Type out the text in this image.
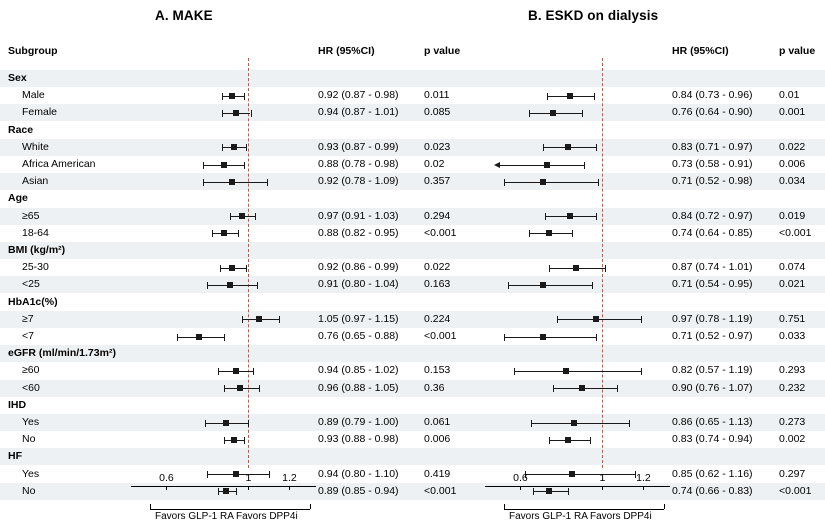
A. MAKE	B. ESKD on dialysis
Subgroup	HR (95%CI)	p value	HR (95%CI)	p value
Sex
Male	0.92 (0.87 - 0.98) 0.011	0.84 (0.73 - 0.96)	0.01
Female	0.94 (0.87 - 1.01) 0.085	0.76 (0.64 - 0.90)	0.001
Race
White	0.93 (0.87 - 0.99) 0.023	0.83 (0.71 - 0.97)	0.022
Africa American	0.88 (0.78 - 0.98) 0.02	0.73 (0.58 - 0.91)	0.006
Asian	0.92 (0.78 - 1.09) 0.357	0.71 (0.52 - 0.98)	0.034
Age
≥65	0.97 (0.91 - 1.03) 0.294	0.84 (0.72 - 0.97)	0.019
18-64	0.88 (0.82 - 0.95) <0.001	0.74 (0.64 - 0.85)	<0.001
BMI (kg/m²)
25-30	0.92 (0.86 - 0.99) 0.022	0.87 (0.74 - 1.01)	0.074
<25	0.91 (0.80 - 1.04) 0.163	0.71 (0.54 - 0.95)	0.021
HbA1c(%)
≥7	1.05 (0.97 - 1.15) 0.224	0.97 (0.78 - 1.19)	0.751
<7	0.76 (0.65 - 0.88) <0.001	0.71 (0.52 - 0.97)	0.033
eGFR (ml/min/1.73m²)
≥60	0.94 (0.85 - 1.02) 0.153	0.82 (0.57 - 1.19)	0.293
<60	0.96 (0.88 - 1.05) 0.36	0.90 (0.76 - 1.07)	0.232
IHD
Yes	0.89 (0.79 - 1.00) 0.061	0.86 (0.65 - 1.13)	0.273
No	0.93 (0.88 - 0.98) 0.006	0.83 (0.74 - 0.94)	0.002
HF
Yes	0.94 (0.80 - 1.10) 0.419	0.85 (0.62 - 1.16)	0.297
No	0.89 (0.85 - 0.94) <0.001	0.74 (0.66 - 0.83)	<0.001
0.6	1	1.2	0.6	1	1.2
Favors GLP-1 RA Favors DPP4i	Favors GLP-1 RA Favors DPP4i
